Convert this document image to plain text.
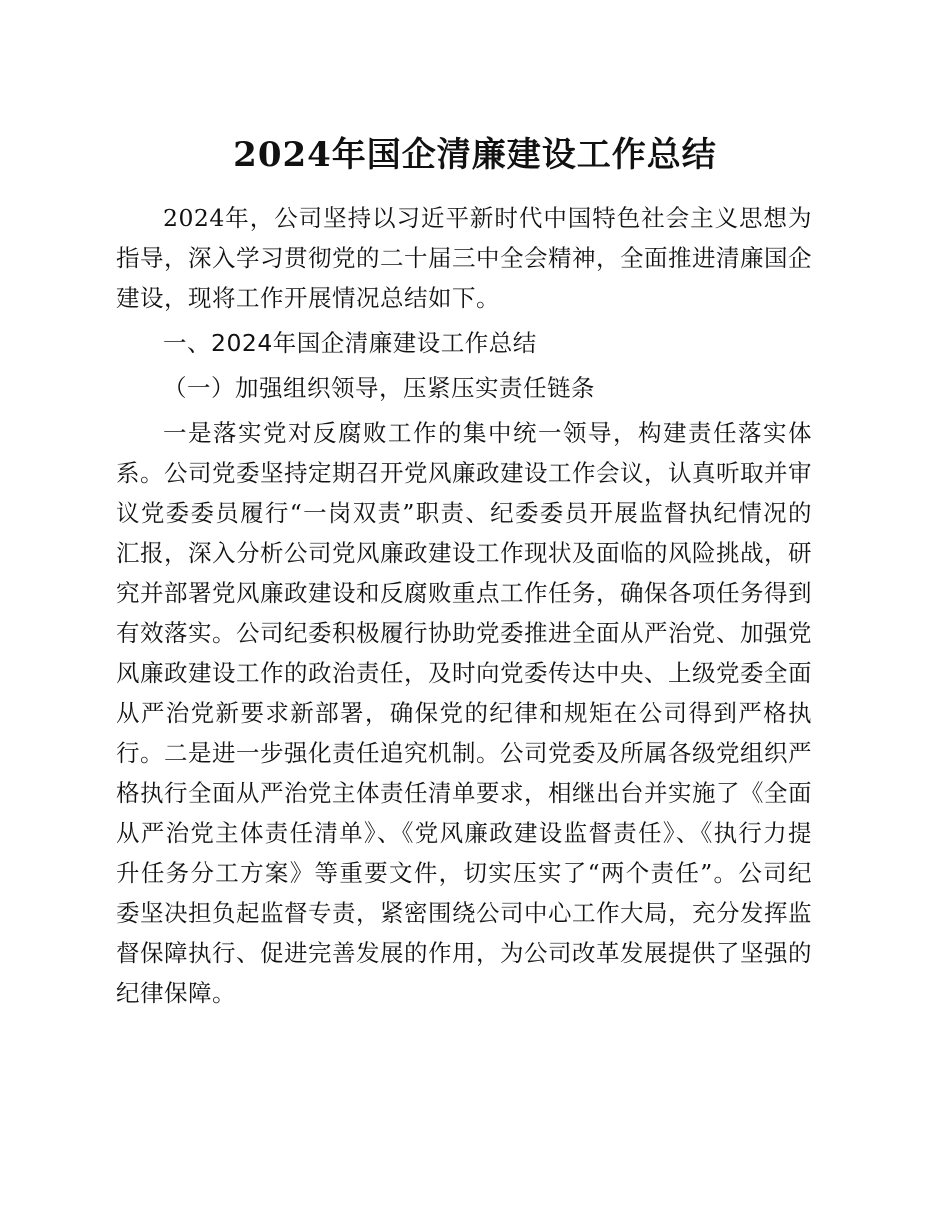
2024年国企清廉建设工作总结

2024年，公司坚持以习近平新时代中国特色社会主义思想为指导，深入学习贯彻党的二十届三中全会精神，全面推进清廉国企建设，现将工作开展情况总结如下。

一、2024年国企清廉建设工作总结

（一）加强组织领导，压紧压实责任链条

一是落实党对反腐败工作的集中统一领导，构建责任落实体系。公司党委坚持定期召开党风廉政建设工作会议，认真听取并审议党委委员履行“一岗双责”职责、纪委委员开展监督执纪情况的汇报，深入分析公司党风廉政建设工作现状及面临的风险挑战，研究并部署党风廉政建设和反腐败重点工作任务，确保各项任务得到有效落实。公司纪委积极履行协助党委推进全面从严治党、加强党风廉政建设工作的政治责任，及时向党委传达中央、上级党委全面从严治党新要求新部署，确保党的纪律和规矩在公司得到严格执行。二是进一步强化责任追究机制。公司党委及所属各级党组织严格执行全面从严治党主体责任清单要求，相继出台并实施了《全面从严治党主体责任清单》、《党风廉政建设监督责任》、《执行力提升任务分工方案》等重要文件，切实压实了“两个责任”。公司纪委坚决担负起监督专责，紧密围绕公司中心工作大局，充分发挥监督保障执行、促进完善发展的作用，为公司改革发展提供了坚强的纪律保障。
